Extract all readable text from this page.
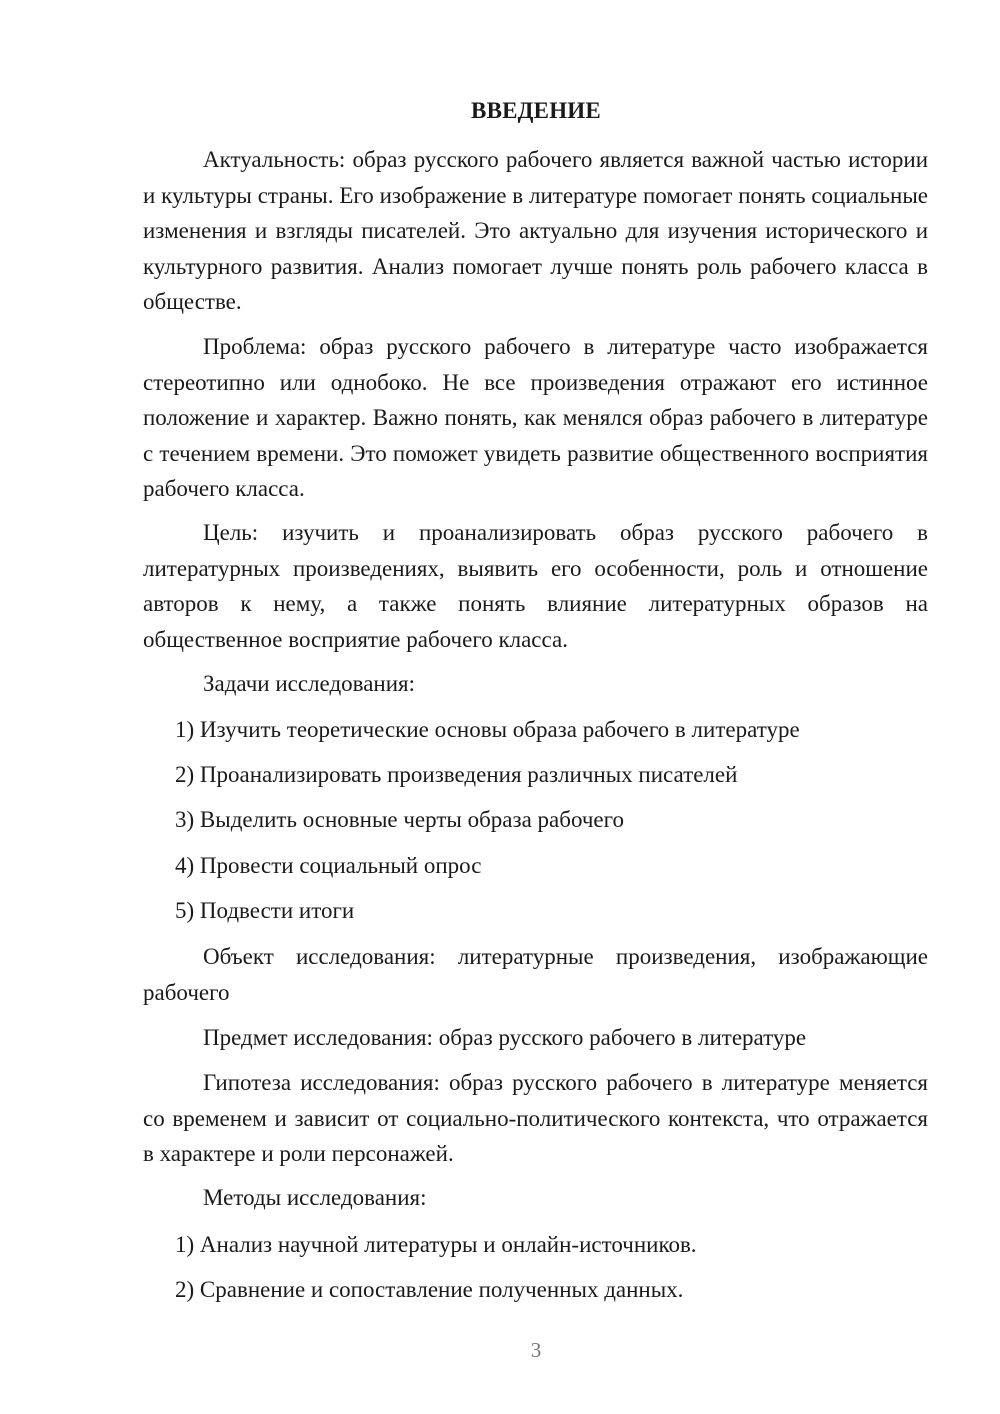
ВВЕДЕНИЕ

Актуальность: образ русского рабочего является важной частью истории и культуры страны. Его изображение в литературе помогает понять социальные изменения и взгляды писателей. Это актуально для изучения исторического и культурного развития. Анализ помогает лучше понять роль рабочего класса в обществе.

Проблема: образ русского рабочего в литературе часто изображается стереотипно или однобоко. Не все произведения отражают его истинное положение и характер. Важно понять, как менялся образ рабочего в литературе с течением времени. Это поможет увидеть развитие общественного восприятия рабочего класса.

Цель: изучить и проанализировать образ русского рабочего в литературных произведениях, выявить его особенности, роль и отношение авторов к нему, а также понять влияние литературных образов на общественное восприятие рабочего класса.

Задачи исследования:

1) Изучить теоретические основы образа рабочего в литературе

2) Проанализировать произведения различных писателей

3) Выделить основные черты образа рабочего

4) Провести социальный опрос

5) Подвести итоги

Объект исследования: литературные произведения, изображающие рабочего

Предмет исследования: образ русского рабочего в литературе

Гипотеза исследования: образ русского рабочего в литературе меняется со временем и зависит от социально-политического контекста, что отражается в характере и роли персонажей.

Методы исследования:

1) Анализ научной литературы и онлайн-источников.

2) Сравнение и сопоставление полученных данных.

3
